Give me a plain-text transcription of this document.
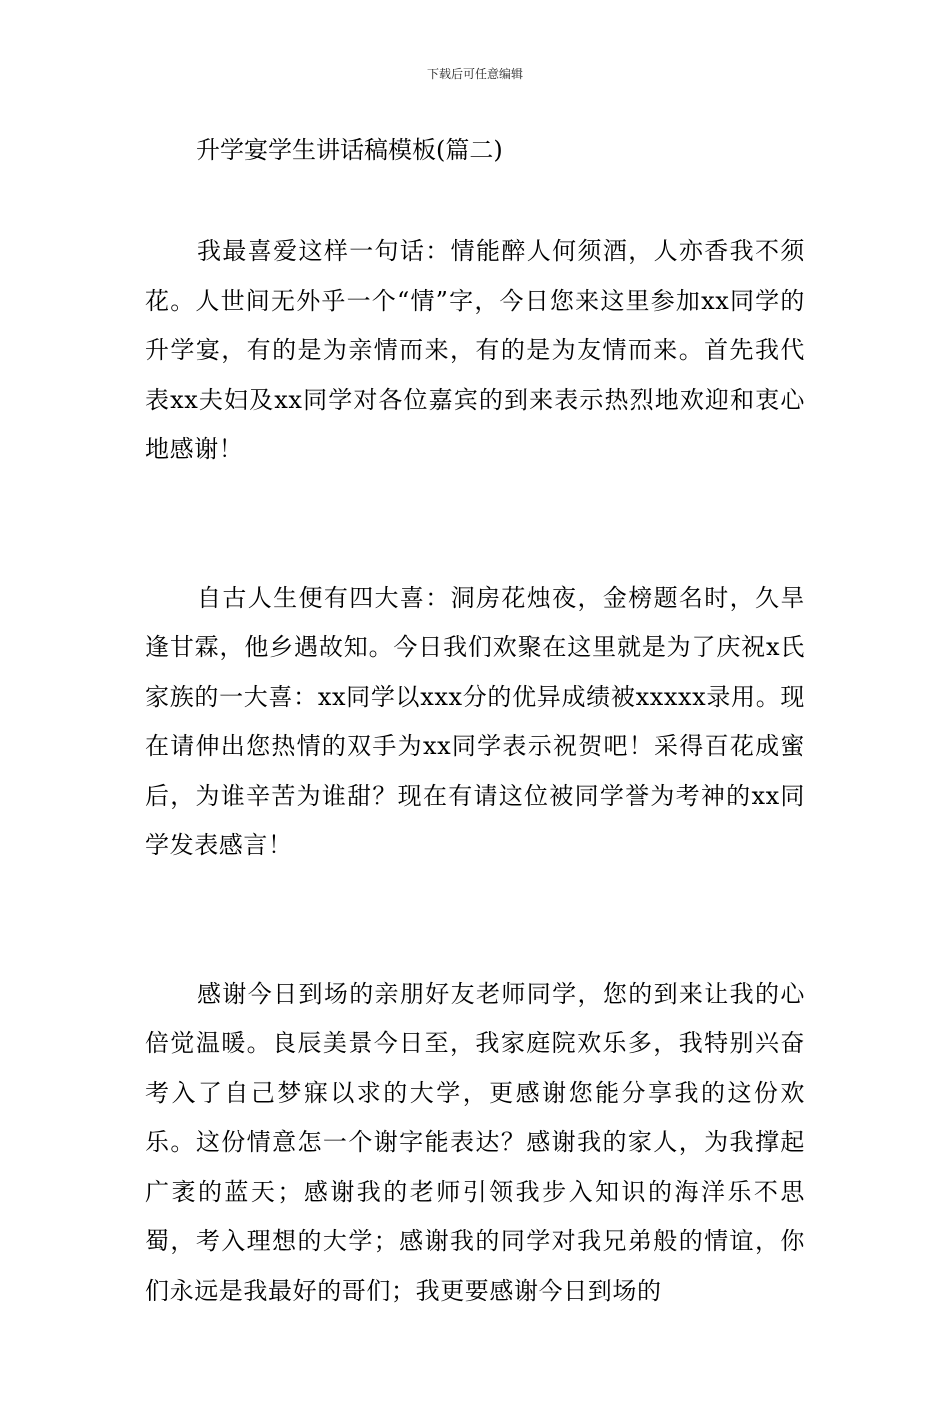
下载后可任意编辑
升学宴学生讲话稿模板(篇二)

我最喜爱这样一句话：情能醉人何须酒，人亦香我不须花。人世间无外乎一个“情”字，今日您来这里参加xx同学的升学宴，有的是为亲情而来，有的是为友情而来。首先我代表xx夫妇及xx同学对各位嘉宾的到来表示热烈地欢迎和衷心地感谢！

自古人生便有四大喜：洞房花烛夜，金榜题名时，久旱逢甘霖，他乡遇故知。今日我们欢聚在这里就是为了庆祝x氏家族的一大喜：xx同学以xxx分的优异成绩被xxxxx录用。现在请伸出您热情的双手为xx同学表示祝贺吧！采得百花成蜜后，为谁辛苦为谁甜？现在有请这位被同学誉为考神的xx同学发表感言！

感谢今日到场的亲朋好友老师同学，您的到来让我的心倍觉温暖。良辰美景今日至，我家庭院欢乐多，我特别兴奋考入了自己梦寐以求的大学，更感谢您能分享我的这份欢乐。这份情意怎一个谢字能表达？感谢我的家人，为我撑起广袤的蓝天；感谢我的老师引领我步入知识的海洋乐不思蜀，考入理想的大学；感谢我的同学对我兄弟般的情谊，你们永远是我最好的哥们；我更要感谢今日到场的
